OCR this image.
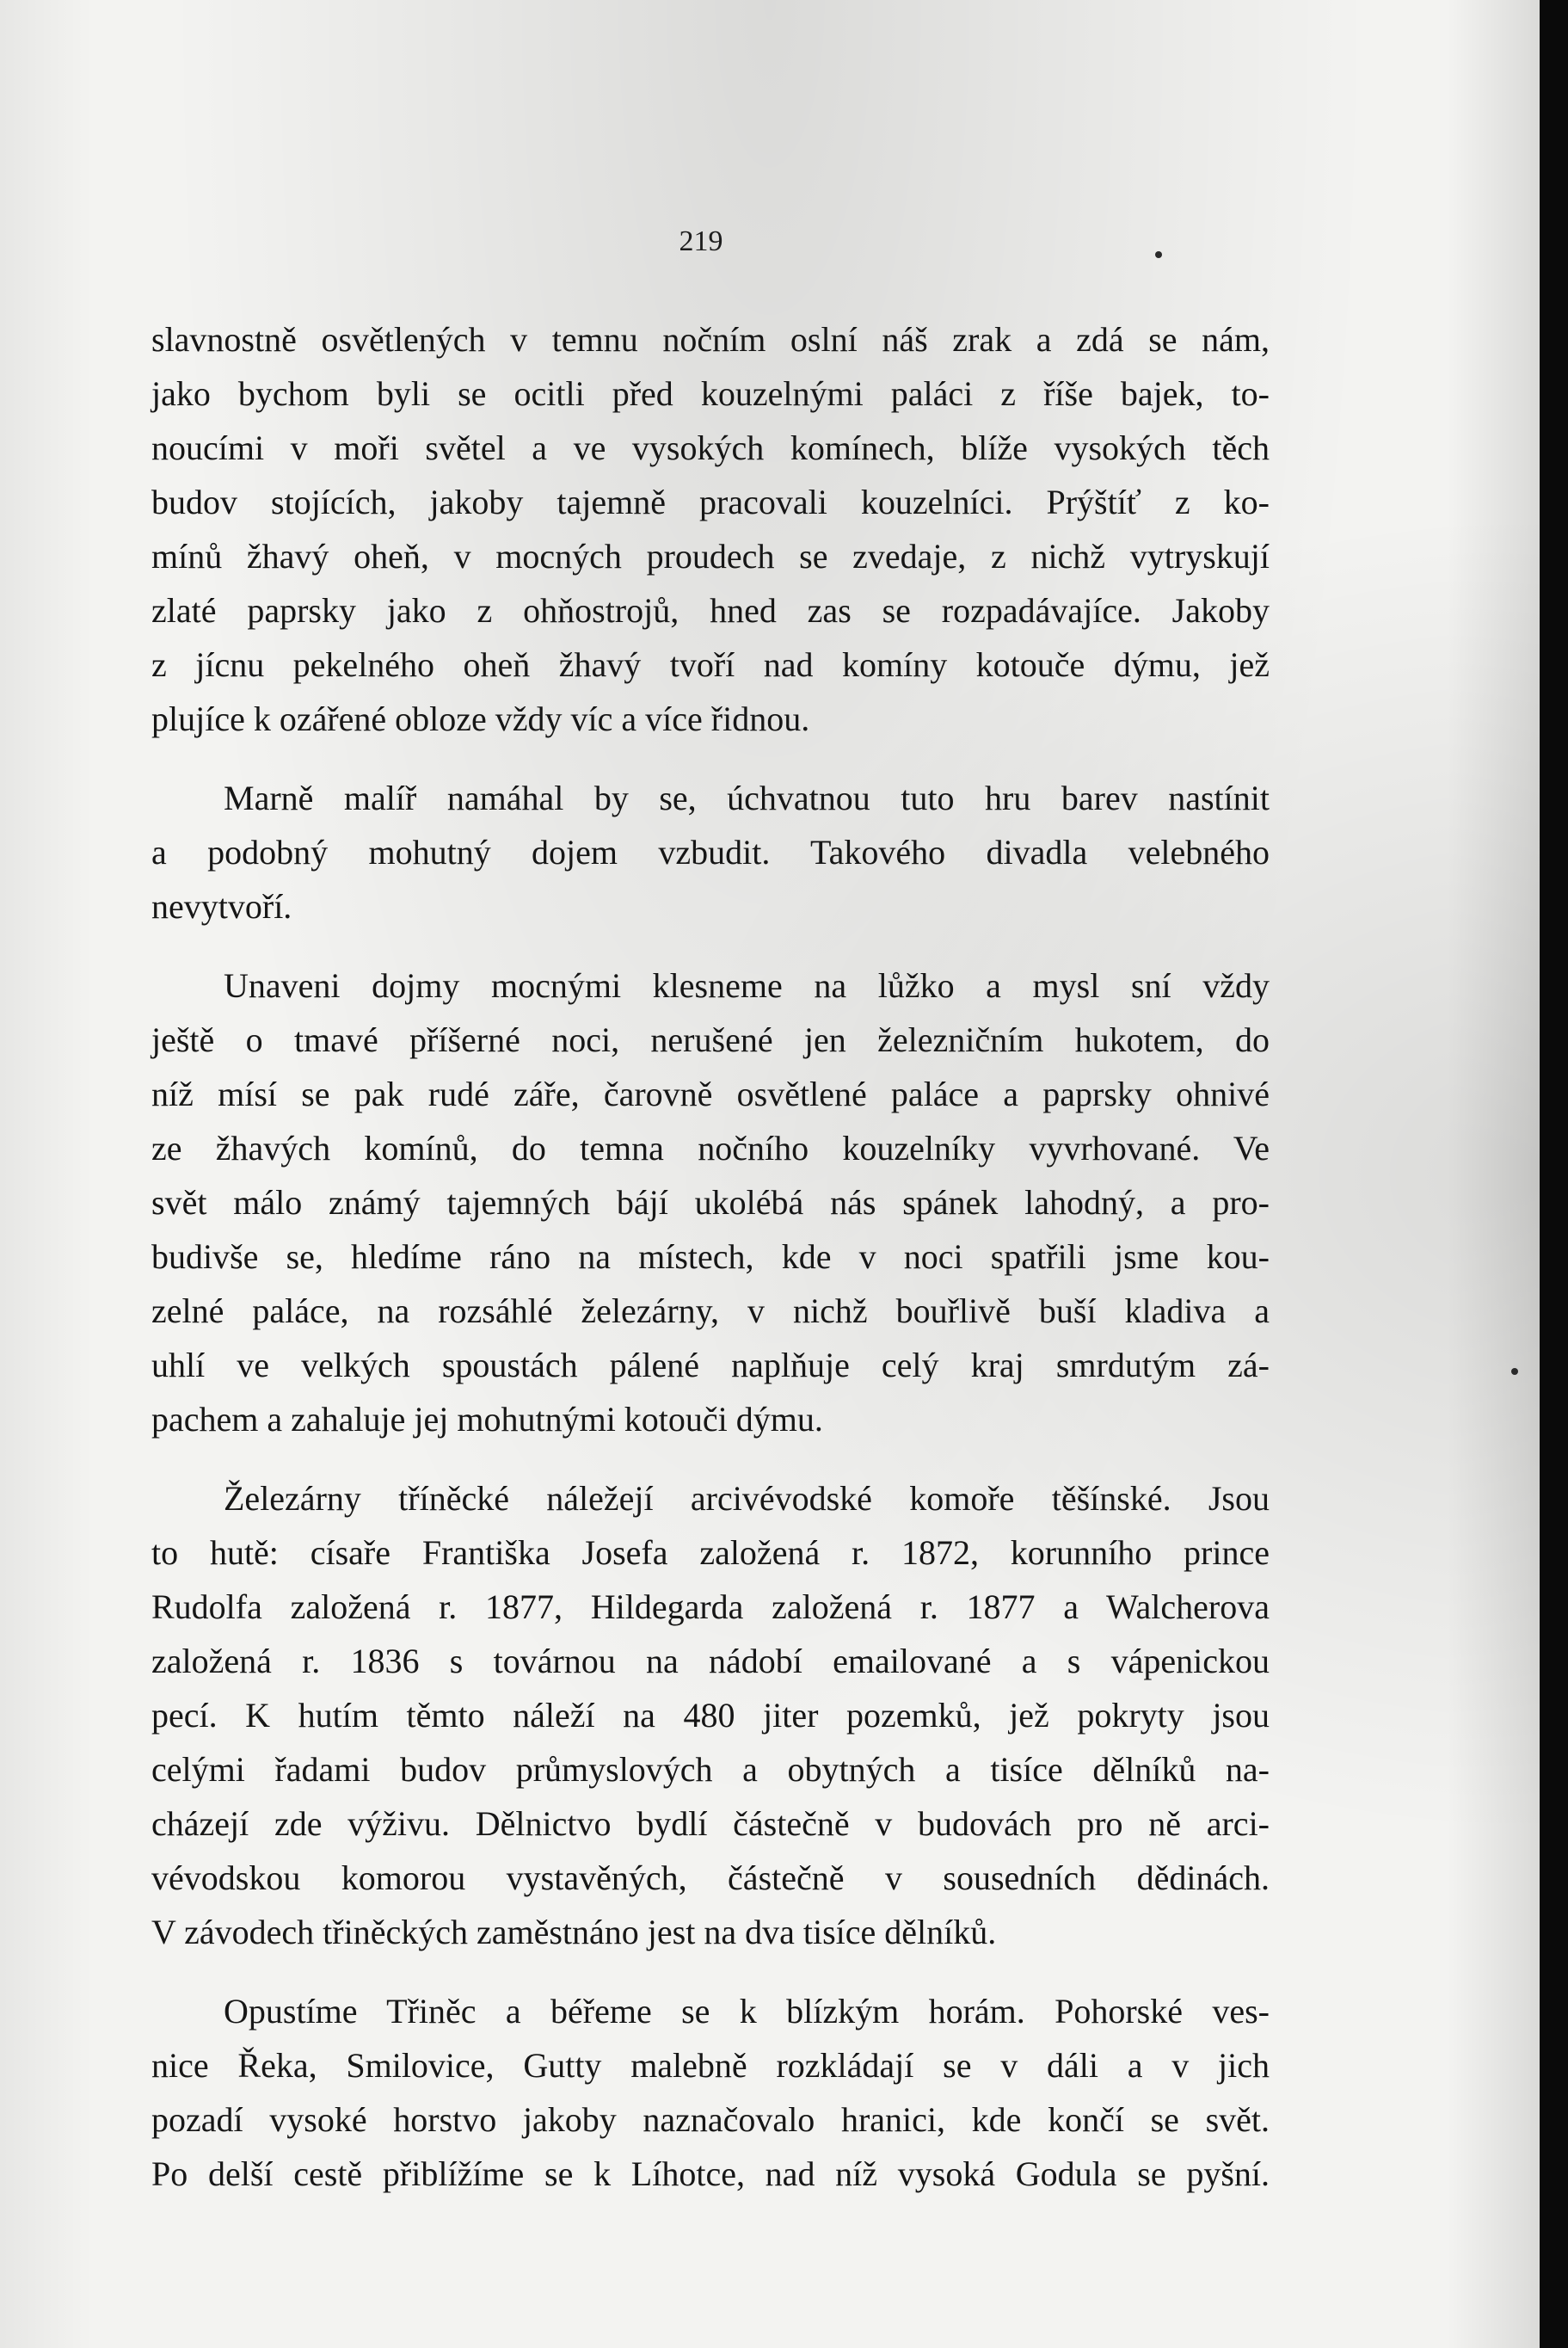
219
slavnostně osvětlených v temnu nočním oslní náš zrak a zdá se nám,
jako bychom byli se ocitli před kouzelnými paláci z říše bajek, to-
noucími v moři světel a ve vysokých komínech, blíže vysokých těch
budov stojících, jakoby tajemně pracovali kouzelníci. Prýštíť z ko-
mínů žhavý oheň, v mocných proudech se zvedaje, z nichž vytryskují
zlaté paprsky jako z ohňostrojů, hned zas se rozpadávajíce. Jakoby
z jícnu pekelného oheň žhavý tvoří nad komíny kotouče dýmu, jež
plujíce k ozářené obloze vždy víc a více řidnou.
Marně malíř namáhal by se, úchvatnou tuto hru barev nastínit
a podobný mohutný dojem vzbudit. Takového divadla velebného
nevytvoří.
Unaveni dojmy mocnými klesneme na lůžko a mysl sní vždy
ještě o tmavé příšerné noci, nerušené jen železničním hukotem, do
níž mísí se pak rudé záře, čarovně osvětlené paláce a paprsky ohnivé
ze žhavých komínů, do temna nočního kouzelníky vyvrhované. Ve
svět málo známý tajemných bájí ukolébá nás spánek lahodný, a pro-
budivše se, hledíme ráno na místech, kde v noci spatřili jsme kou-
zelné paláce, na rozsáhlé železárny, v nichž bouřlivě buší kladiva a
uhlí ve velkých spoustách pálené naplňuje celý kraj smrdutým zá-
pachem a zahaluje jej mohutnými kotouči dýmu.
Železárny tříněcké náležejí arcivévodské komoře těšínské. Jsou
to hutě: císaře Františka Josefa založená r. 1872, korunního prince
Rudolfa založená r. 1877, Hildegarda založená r. 1877 a Walcherova
založená r. 1836 s továrnou na nádobí emailované a s vápenickou
pecí. K hutím těmto náleží na 480 jiter pozemků, jež pokryty jsou
celými řadami budov průmyslových a obytných a tisíce dělníků na-
cházejí zde výživu. Dělnictvo bydlí částečně v budovách pro ně arci-
vévodskou komorou vystavěných, částečně v sousedních dědinách.
V závodech třiněckých zaměstnáno jest na dva tisíce dělníků.
Opustíme Třiněc a béřeme se k blízkým horám. Pohorské ves-
nice Řeka, Smilovice, Gutty malebně rozkládají se v dáli a v jich
pozadí vysoké horstvo jakoby naznačovalo hranici, kde končí se svět.
Po delší cestě přiblížíme se k Líhotce, nad níž vysoká Godula se pyšní.
